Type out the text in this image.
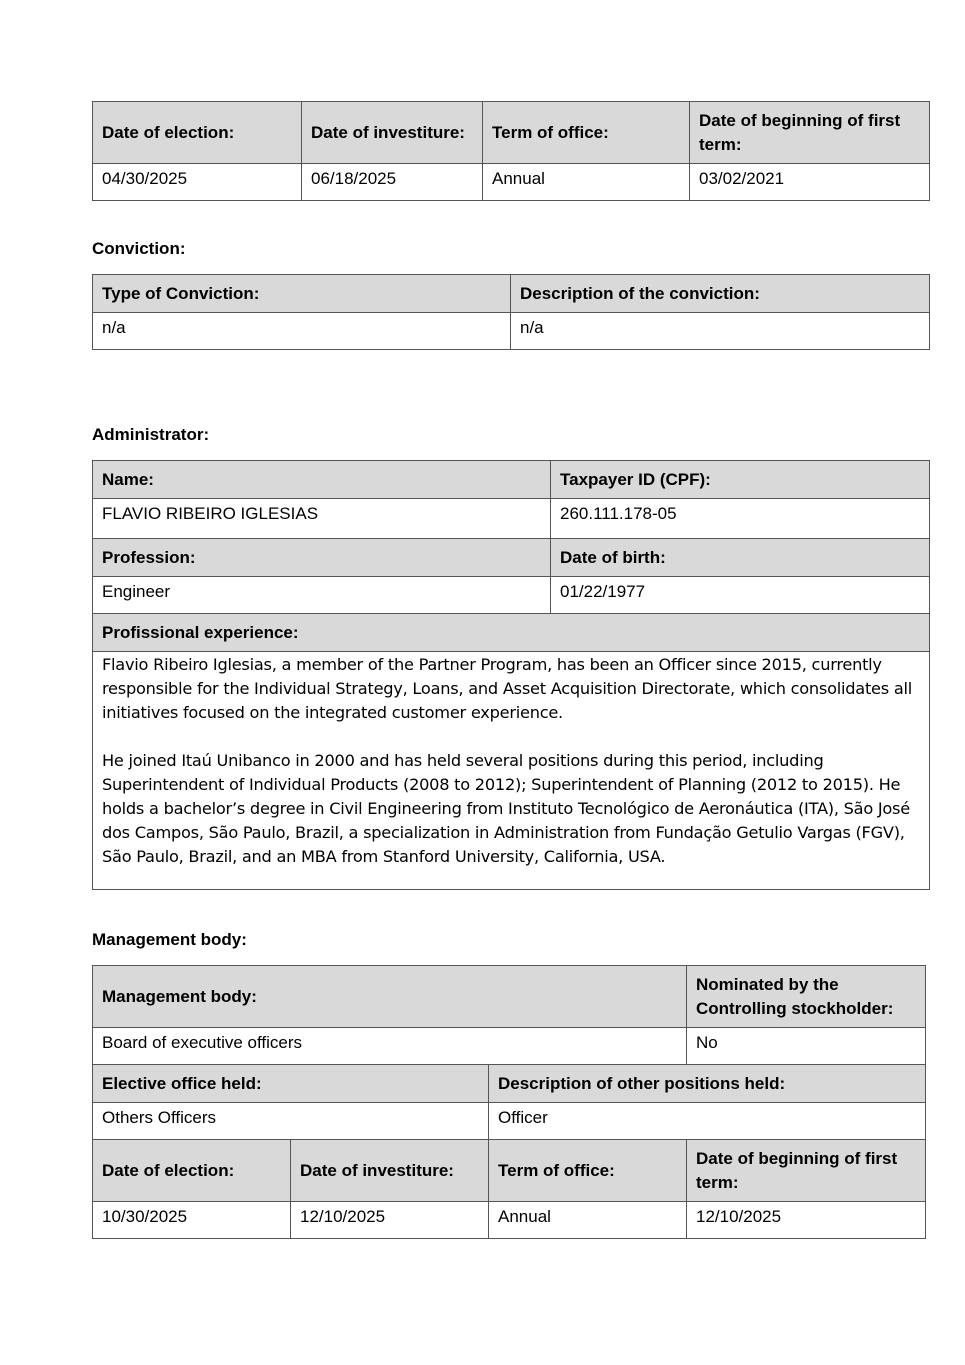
Date of election:	Date of investiture:	Term of office:	Date of beginning of first term:
04/30/2025	06/18/2025	Annual	03/02/2021
Conviction:
Type of Conviction:	Description of the conviction:
n/a	n/a
Administrator:
Name:	Taxpayer ID (CPF):
FLAVIO RIBEIRO IGLESIAS	260.111.178-05
Profession:	Date of birth:
Engineer	01/22/1977
Profissional experience:	

Flavio Ribeiro Iglesias, a member of the Partner Program, has been an Officer since 2015, currently responsible for the Individual Strategy, Loans, and Asset Acquisition Directorate, which consolidates all initiatives focused on the integrated customer experience.

He joined Itaú Unibanco in 2000 and has held several positions during this period, including Superintendent of Individual Products (2008 to 2012); Superintendent of Planning (2012 to 2015). He holds a bachelor’s degree in Civil Engineering from Instituto Tecnológico de Aeronáutica (ITA), São José dos Campos, São Paulo, Brazil, a specialization in Administration from Fundação Getulio Vargas (FGV), São Paulo, Brazil, and an MBA from Stanford University, California, USA.	

Management body:
Management body:			Nominated by the Controlling stockholder:
Board of executive officers			No
Elective office held:		Description of other positions held:	
Others Officers		Officer	
Date of election:	Date of investiture:	Term of office:	Date of beginning of first term:
10/30/2025	12/10/2025	Annual	12/10/2025
